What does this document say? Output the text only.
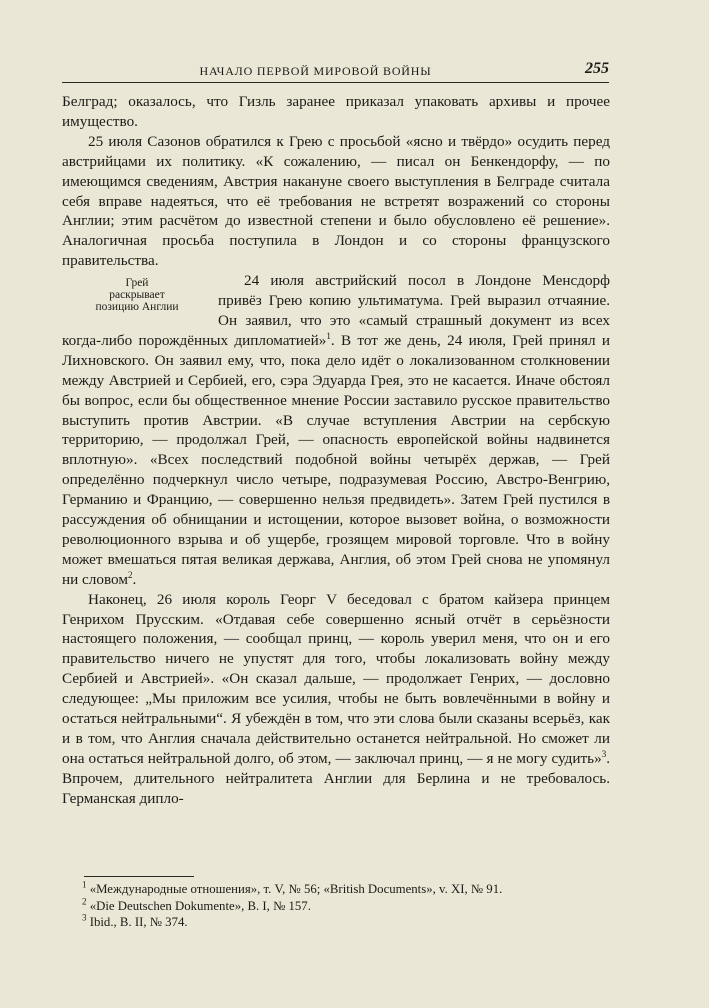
НАЧАЛО ПЕРВОЙ МИРОВОЙ ВОЙНЫ	255

Белград; оказалось, что Гизль заранее приказал упаковать архивы и прочее имущество.

25 июля Сазонов обратился к Грею с просьбой «ясно и твёрдо» осудить перед австрийцами их политику. «К сожалению, — писал он Бенкендорфу, — по имеющимся сведениям, Австрия накануне своего выступления в Белграде считала себя вправе надеяться, что её требования не встретят возражений со стороны Англии; этим расчётом до известной степени и было обусловлено её решение». Аналогичная просьба поступила в Лондон и со стороны французского правительства.

Грей
раскрывает
позицию Англии

24 июля австрийский посол в Лондоне Менсдорф привёз Грею копию ультиматума. Грей выразил отчаяние. Он заявил, что это «самый страшный документ из всех когда-либо порождённых дипломатией»$^1$. В тот же день, 24 июля, Грей принял и Лихновского. Он заявил ему, что, пока дело идёт о локализованном столкновении между Австрией и Сербией, его, сэра Эдуарда Грея, это не касается. Иначе обстоял бы вопрос, если бы общественное мнение России заставило русское правительство выступить против Австрии. «В случае вступления Австрии на сербскую территорию, — продолжал Грей, — опасность европейской войны надвинется вплотную». «Всех последствий подобной войны четырёх держав, — Грей определённо подчеркнул число четыре, подразумевая Россию, Австро-Венгрию, Германию и Францию, — совершенно нельзя предвидеть». Затем Грей пустился в рассуждения об обнищании и истощении, которое вызовет война, о возможности революционного взрыва и об ущербе, грозящем мировой торговле. Что в войну может вмешаться пятая великая держава, Англия, об этом Грей снова не упомянул ни словом$^2$.

Наконец, 26 июля король Георг V беседовал с братом кайзера принцем Генрихом Прусским. «Отдавая себе совершенно ясный отчёт в серьёзности настоящего положения, — сообщал принц, — король уверил меня, что он и его правительство ничего не упустят для того, чтобы локализовать войну между Сербией и Австрией». «Он сказал дальше, — продолжает Генрих, — дословно следующее: „Мы приложим все усилия, чтобы не быть вовлечёнными в войну и остаться нейтральными“. Я убеждён в том, что эти слова были сказаны всерьёз, как и в том, что Англия сначала действительно останется нейтральной. Но сможет ли она остаться нейтральной долго, об этом, — заключал принц, — я не могу судить»$^3$. Впрочем, длительного нейтралитета Англии для Берлина и не требовалось. Германская дипло-

$^1$ «Международные отношения», т. V, № 56; «British Documents», v. XI, № 91.

$^2$ «Die Deutschen Dokumente», B. I, № 157.

$^3$ Ibid., B. II, № 374.
